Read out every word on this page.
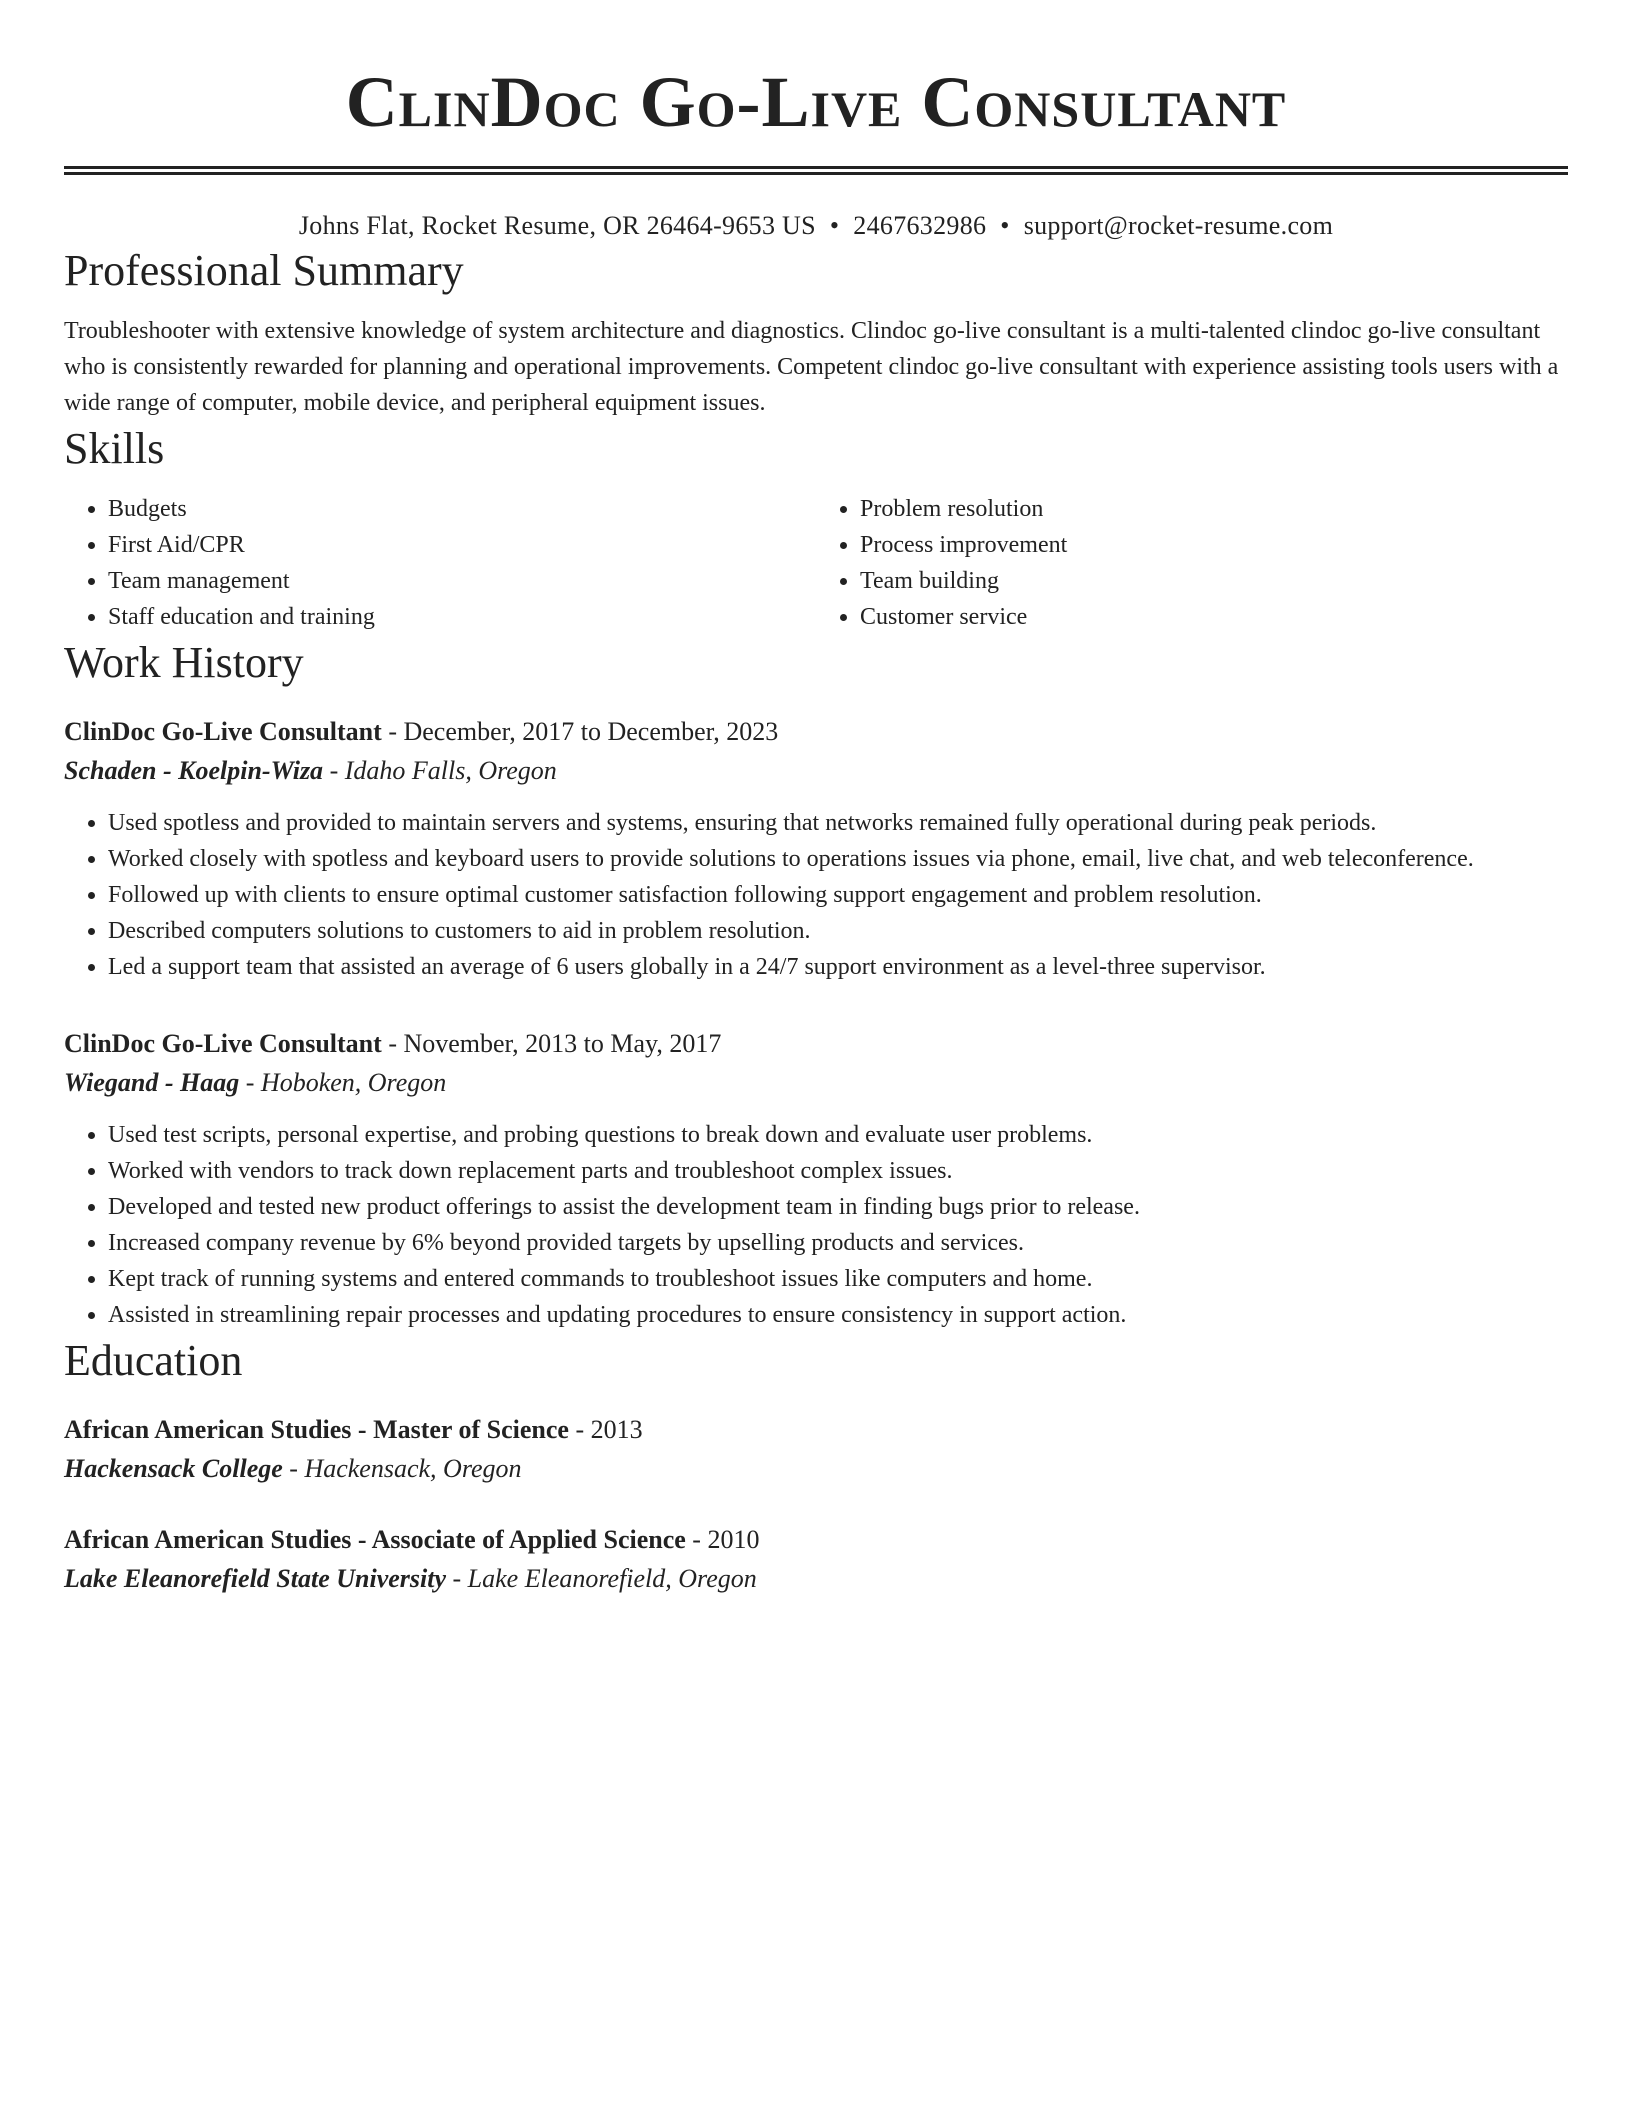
ClinDoc Go-Live Consultant
Johns Flat, Rocket Resume, OR 26464-9653 US • 2467632986 • support@rocket-resume.com
Professional Summary

Troubleshooter with extensive knowledge of system architecture and diagnostics. Clindoc go-live consultant is a multi-talented clindoc go-live consultant who is consistently rewarded for planning and operational improvements. Competent clindoc go-live consultant with experience assisting tools users with a wide range of computer, mobile device, and peripheral equipment issues.

Skills
• Budgets
• First Aid/CPR
• Team management
• Staff education and training
• Problem resolution
• Process improvement
• Team building
• Customer service
Work History
ClinDoc Go-Live Consultant - December, 2017 to December, 2023
Schaden - Koelpin-Wiza - Idaho Falls, Oregon
• Used spotless and provided to maintain servers and systems, ensuring that networks remained fully operational during peak periods.
• Worked closely with spotless and keyboard users to provide solutions to operations issues via phone, email, live chat, and web teleconference.
• Followed up with clients to ensure optimal customer satisfaction following support engagement and problem resolution.
• Described computers solutions to customers to aid in problem resolution.
• Led a support team that assisted an average of 6 users globally in a 24/7 support environment as a level-three supervisor.
ClinDoc Go-Live Consultant - November, 2013 to May, 2017
Wiegand - Haag - Hoboken, Oregon
• Used test scripts, personal expertise, and probing questions to break down and evaluate user problems.
• Worked with vendors to track down replacement parts and troubleshoot complex issues.
• Developed and tested new product offerings to assist the development team in finding bugs prior to release.
• Increased company revenue by 6% beyond provided targets by upselling products and services.
• Kept track of running systems and entered commands to troubleshoot issues like computers and home.
• Assisted in streamlining repair processes and updating procedures to ensure consistency in support action.
Education
African American Studies - Master of Science - 2013
Hackensack College - Hackensack, Oregon
African American Studies - Associate of Applied Science - 2010
Lake Eleanorefield State University - Lake Eleanorefield, Oregon
